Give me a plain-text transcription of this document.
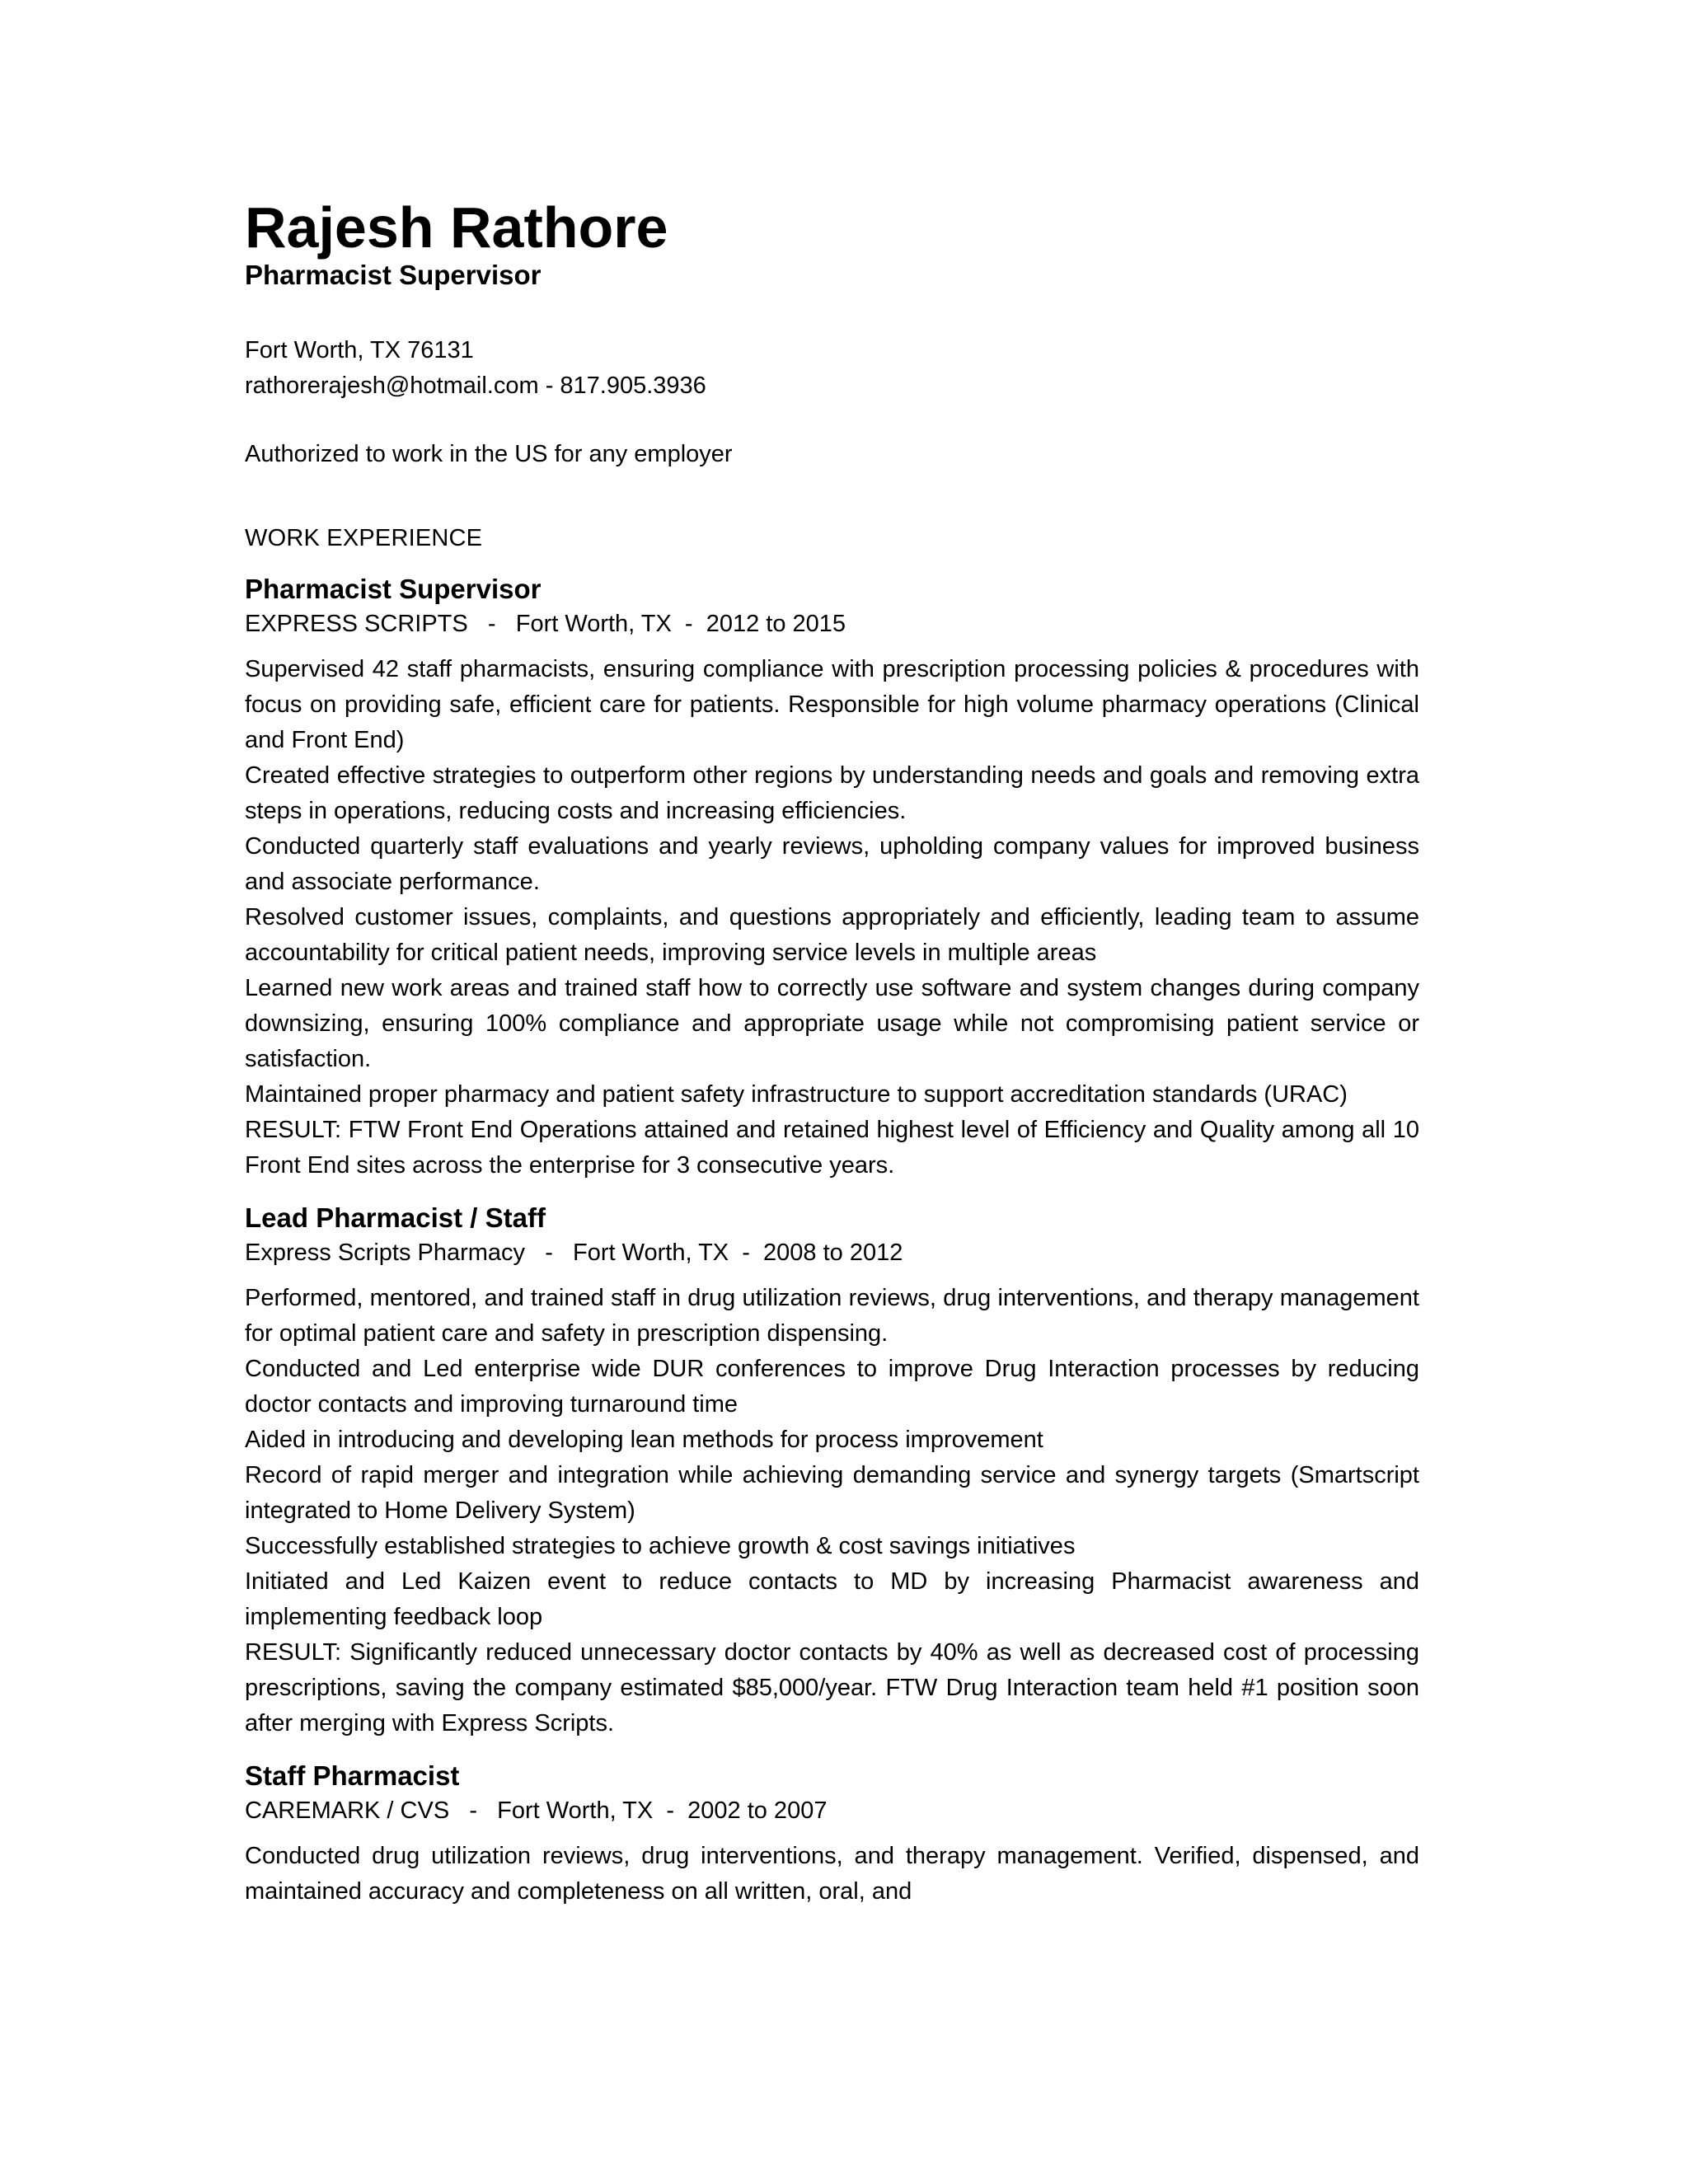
Rajesh Rathore
Pharmacist Supervisor
Fort Worth, TX 76131
rathorerajesh@hotmail.com - 817.905.3936
Authorized to work in the US for any employer
WORK EXPERIENCE
Pharmacist Supervisor
EXPRESS SCRIPTS   -   Fort Worth, TX  -  2012 to 2015

Supervised 42 staff pharmacists, ensuring compliance with prescription processing policies & procedures with focus on providing safe, efficient care for patients. Responsible for high volume pharmacy operations (Clinical and Front End)

Created effective strategies to outperform other regions by understanding needs and goals and removing extra steps in operations, reducing costs and increasing efficiencies.

Conducted quarterly staff evaluations and yearly reviews, upholding company values for improved business and associate performance.

Resolved customer issues, complaints, and questions appropriately and efficiently, leading team to assume accountability for critical patient needs, improving service levels in multiple areas

Learned new work areas and trained staff how to correctly use software and system changes during company downsizing, ensuring 100% compliance and appropriate usage while not compromising patient service or satisfaction.

Maintained proper pharmacy and patient safety infrastructure to support accreditation standards (URAC)

RESULT: FTW Front End Operations attained and retained highest level of Efficiency and Quality among all 10 Front End sites across the enterprise for 3 consecutive years.

Lead Pharmacist / Staff
Express Scripts Pharmacy   -   Fort Worth, TX  -  2008 to 2012

Performed, mentored, and trained staff in drug utilization reviews, drug interventions, and therapy management for optimal patient care and safety in prescription dispensing.

Conducted and Led enterprise wide DUR conferences to improve Drug Interaction processes by reducing doctor contacts and improving turnaround time

Aided in introducing and developing lean methods for process improvement

Record of rapid merger and integration while achieving demanding service and synergy targets (Smartscript integrated to Home Delivery System)

Successfully established strategies to achieve growth & cost savings initiatives

Initiated and Led Kaizen event to reduce contacts to MD by increasing Pharmacist awareness and implementing feedback loop

RESULT: Significantly reduced unnecessary doctor contacts by 40% as well as decreased cost of processing prescriptions, saving the company estimated $85,000/year. FTW Drug Interaction team held #1 position soon after merging with Express Scripts.

Staff Pharmacist
CAREMARK / CVS   -   Fort Worth, TX  -  2002 to 2007

Conducted drug utilization reviews, drug interventions, and therapy management. Verified, dispensed, and maintained accuracy and completeness on all written, oral, and
